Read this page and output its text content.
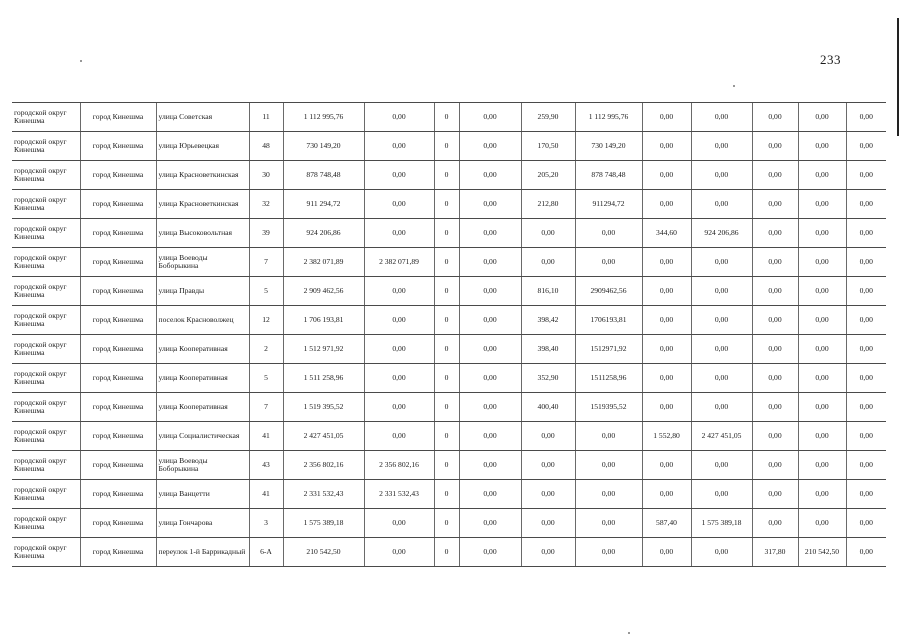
233
городской округ Кинешма	город Кинешма	улица Советская	11	1 112 995,76	0,00	0	0,00	259,90	1 112 995,76	0,00	0,00	0,00	0,00	0,00
городской округ Кинешма	город Кинешма	улица Юрьевецкая	48	730 149,20	0,00	0	0,00	170,50	730 149,20	0,00	0,00	0,00	0,00	0,00
городской округ Кинешма	город Кинешма	улица Красноветкинская	30	878 748,48	0,00	0	0,00	205,20	878 748,48	0,00	0,00	0,00	0,00	0,00
городской округ Кинешма	город Кинешма	улица Красноветкинская	32	911 294,72	0,00	0	0,00	212,80	911294,72	0,00	0,00	0,00	0,00	0,00
городской округ Кинешма	город Кинешма	улица Высоковольтная	39	924 206,86	0,00	0	0,00	0,00	0,00	344,60	924 206,86	0,00	0,00	0,00
городской округ Кинешма	город Кинешма	улица Воеводы Боборыкина	7	2 382 071,89	2 382 071,89	0	0,00	0,00	0,00	0,00	0,00	0,00	0,00	0,00
городской округ Кинешма	город Кинешма	улица Правды	5	2 909 462,56	0,00	0	0,00	816,10	2909462,56	0,00	0,00	0,00	0,00	0,00
городской округ Кинешма	город Кинешма	поселок Красноволжец	12	1 706 193,81	0,00	0	0,00	398,42	1706193,81	0,00	0,00	0,00	0,00	0,00
городской округ Кинешма	город Кинешма	улица Кооперативная	2	1 512 971,92	0,00	0	0,00	398,40	1512971,92	0,00	0,00	0,00	0,00	0,00
городской округ Кинешма	город Кинешма	улица Кооперативная	5	1 511 258,96	0,00	0	0,00	352,90	1511258,96	0,00	0,00	0,00	0,00	0,00
городской округ Кинешма	город Кинешма	улица Кооперативная	7	1 519 395,52	0,00	0	0,00	400,40	1519395,52	0,00	0,00	0,00	0,00	0,00
городской округ Кинешма	город Кинешма	улица Социалистическая	41	2 427 451,05	0,00	0	0,00	0,00	0,00	1 552,80	2 427 451,05	0,00	0,00	0,00
городской округ Кинешма	город Кинешма	улица Воеводы Боборыкина	43	2 356 802,16	2 356 802,16	0	0,00	0,00	0,00	0,00	0,00	0,00	0,00	0,00
городской округ Кинешма	город Кинешма	улица Ванцетти	41	2 331 532,43	2 331 532,43	0	0,00	0,00	0,00	0,00	0,00	0,00	0,00	0,00
городской округ Кинешма	город Кинешма	улица Гончарова	3	1 575 389,18	0,00	0	0,00	0,00	0,00	587,40	1 575 389,18	0,00	0,00	0,00
городской округ Кинешма	город Кинешма	переулок 1-й Баррикадный	6-А	210 542,50	0,00	0	0,00	0,00	0,00	0,00	0,00	317,80	210 542,50	0,00
